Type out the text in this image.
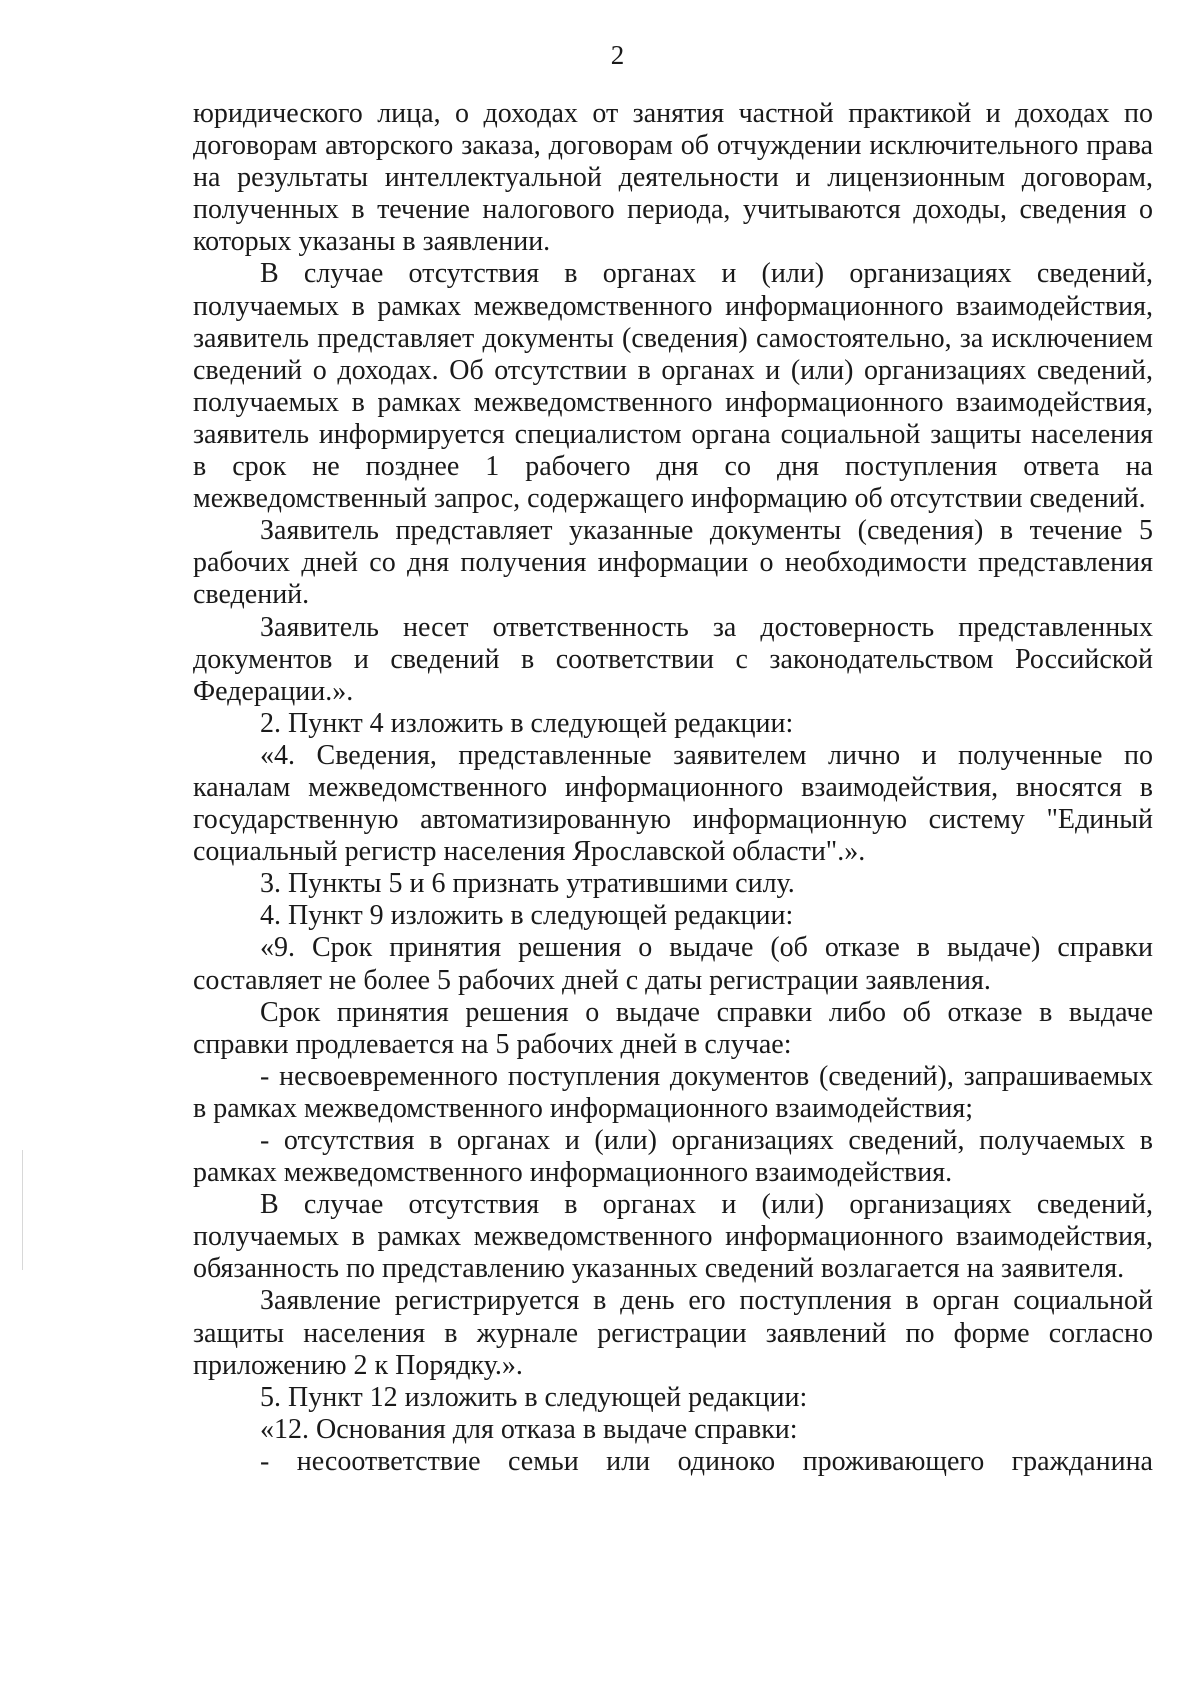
2

юридического лица, о доходах от занятия частной практикой и доходах по договорам авторского заказа, договорам об отчуждении исключительного права на результаты интеллектуальной деятельности и лицензионным договорам, полученных в течение налогового периода, учитываются доходы, сведения о которых указаны в заявлении.

В случае отсутствия в органах и (или) организациях сведений, получаемых в рамках межведомственного информационного взаимодействия, заявитель представляет документы (сведения) самостоятельно, за исключением сведений о доходах. Об отсутствии в органах и (или) организациях сведений, получаемых в рамках межведомственного информационного взаимодействия, заявитель информируется специалистом органа социальной защиты населения в срок не позднее 1 рабочего дня со дня поступления ответа на межведомственный запрос, содержащего информацию об отсутствии сведений.

Заявитель представляет указанные документы (сведения) в течение 5 рабочих дней со дня получения информации о необходимости представления сведений.

Заявитель несет ответственность за достоверность представленных документов и сведений в соответствии с законодательством Российской Федерации.».

2. Пункт 4 изложить в следующей редакции:

«4. Сведения, представленные заявителем лично и полученные по каналам межведомственного информационного взаимодействия, вносятся в государственную автоматизированную информационную систему "Единый социальный регистр населения Ярославской области".».

3. Пункты 5 и 6 признать утратившими силу.

4. Пункт 9 изложить в следующей редакции:

«9. Срок принятия решения о выдаче (об отказе в выдаче) справки составляет не более 5 рабочих дней с даты регистрации заявления.

Срок принятия решения о выдаче справки либо об отказе в выдаче справки продлевается на 5 рабочих дней в случае:

- несвоевременного поступления документов (сведений), запрашиваемых в рамках межведомственного информационного взаимодействия;

- отсутствия в органах и (или) организациях сведений, получаемых в рамках межведомственного информационного взаимодействия.

В случае отсутствия в органах и (или) организациях сведений, получаемых в рамках межведомственного информационного взаимодействия, обязанность по представлению указанных сведений возлагается на заявителя.

Заявление регистрируется в день его поступления в орган социальной защиты населения в журнале регистрации заявлений по форме согласно приложению 2 к Порядку.».

5. Пункт 12 изложить в следующей редакции:

«12. Основания для отказа в выдаче справки:

- несоответствие семьи или одиноко проживающего гражданина
